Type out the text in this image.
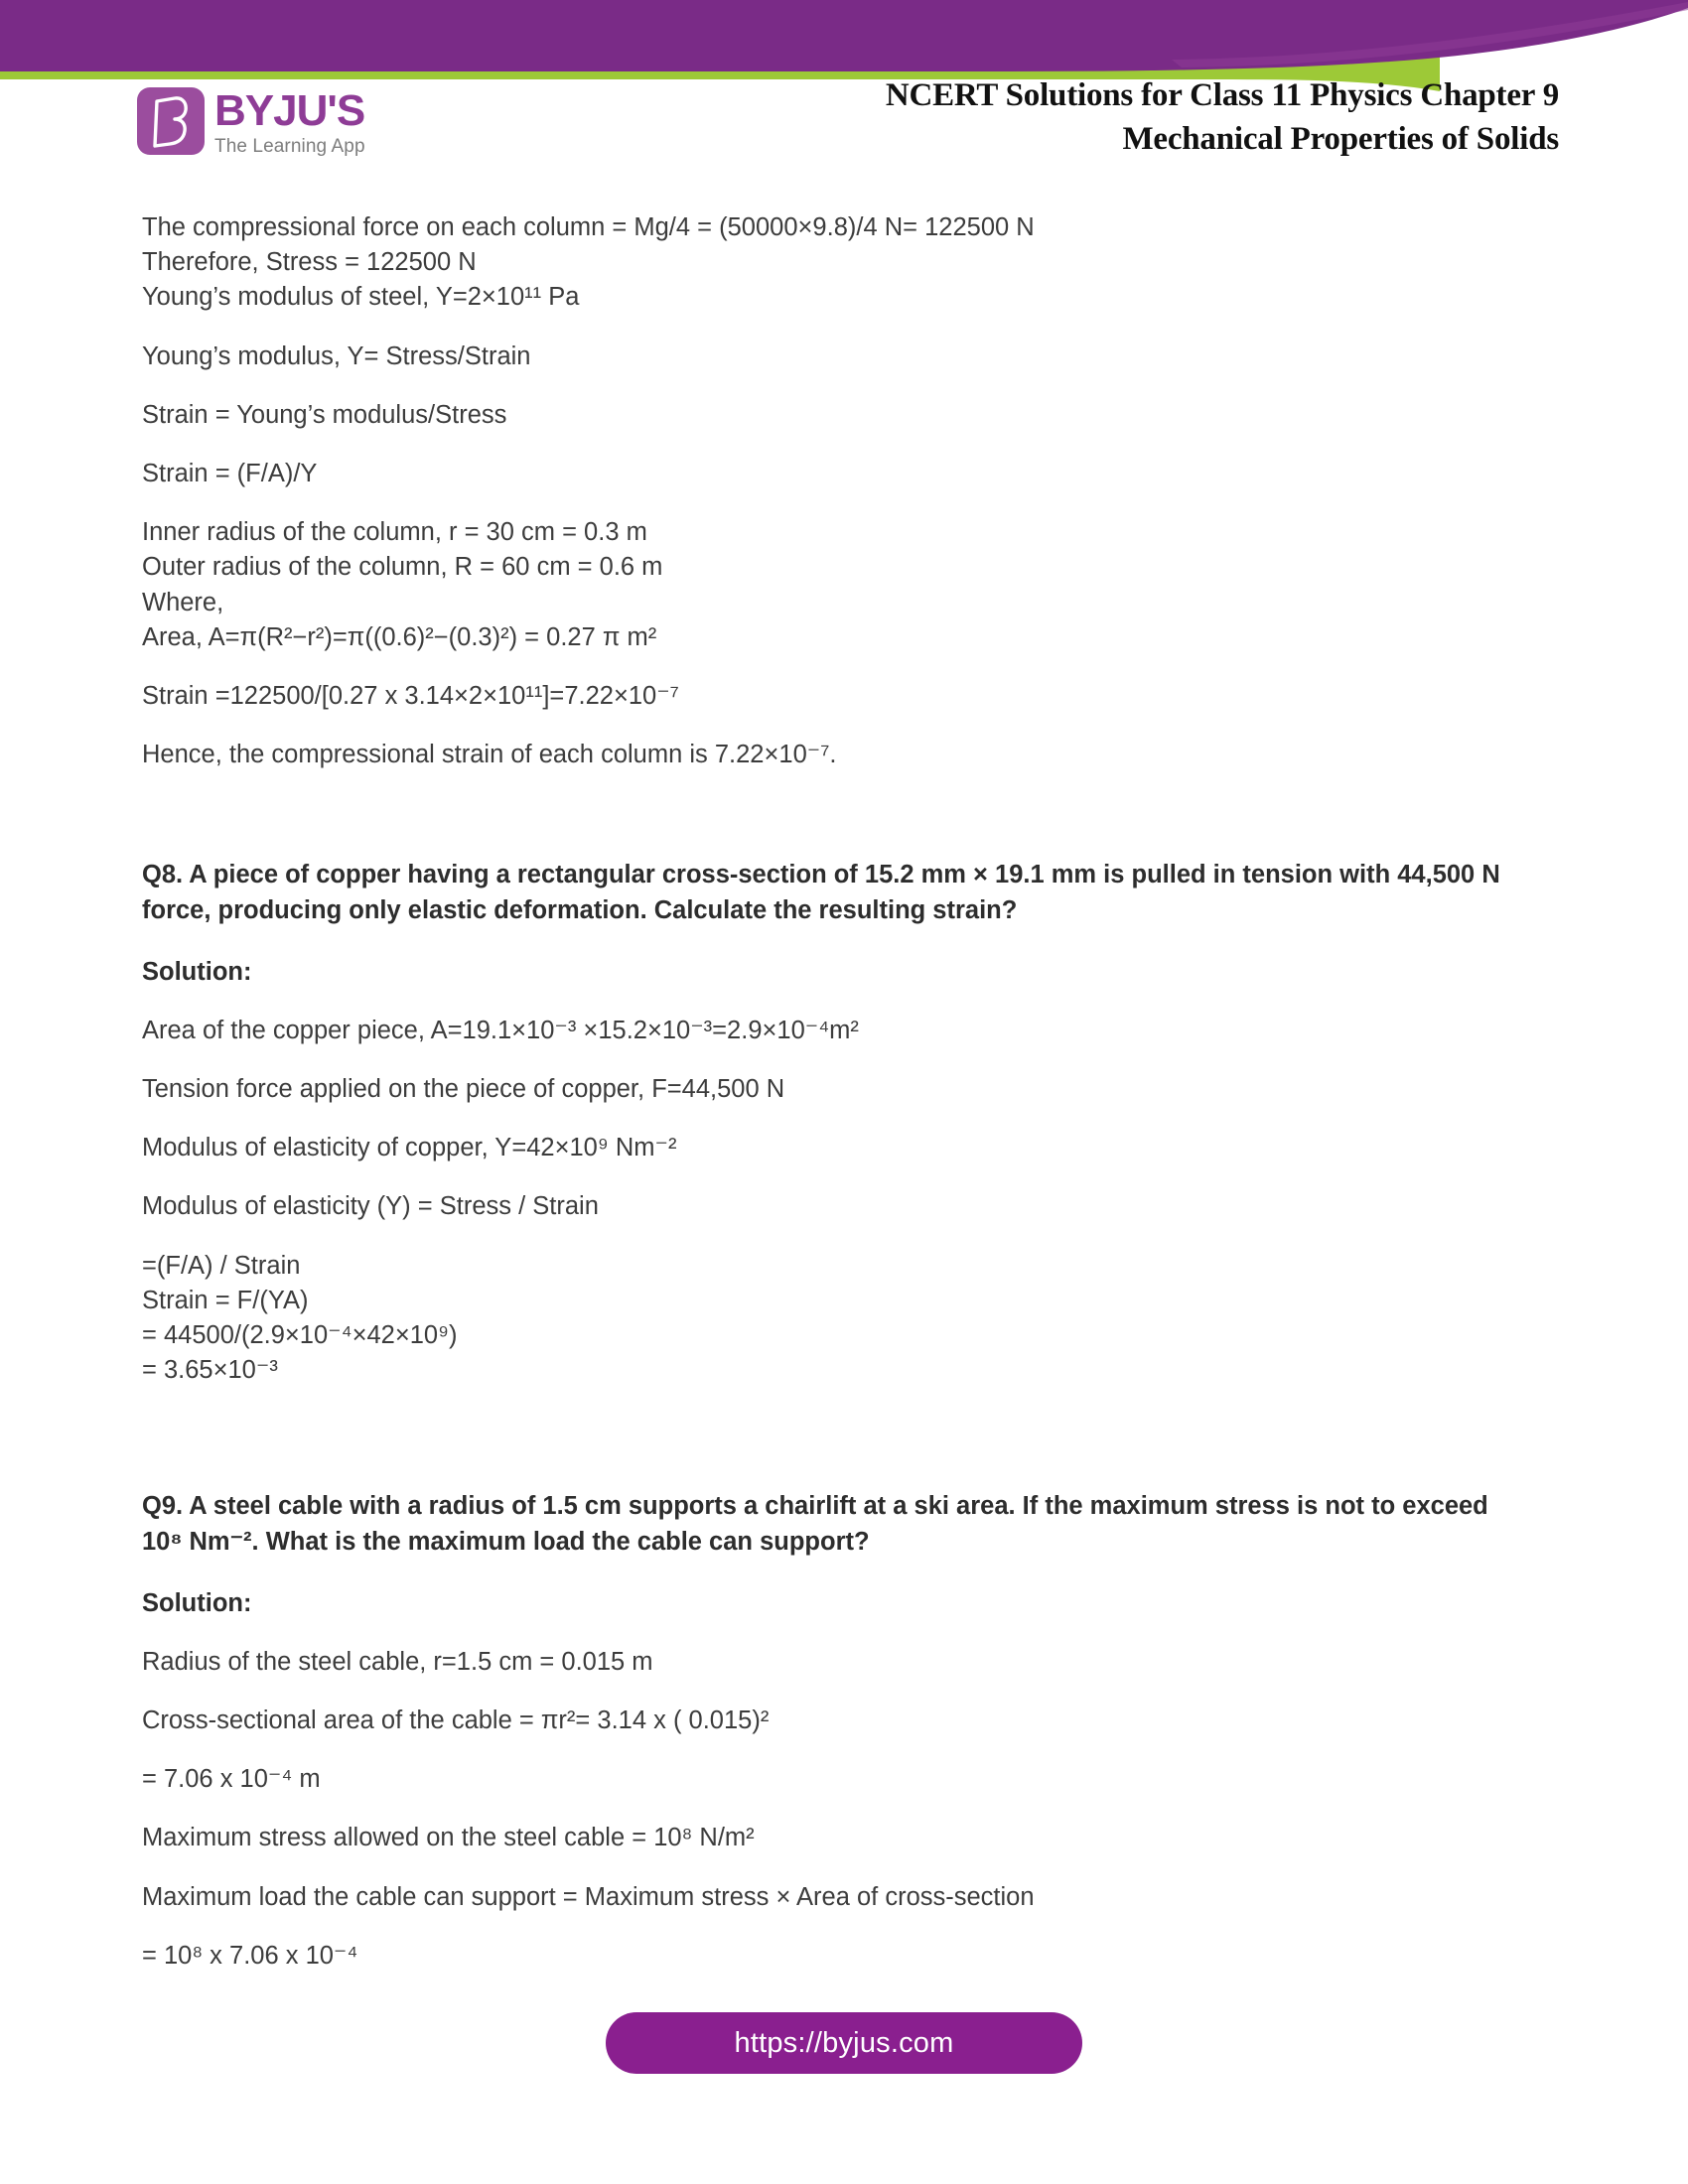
BYJU'S
The Learning App
NCERT Solutions for Class 11 Physics Chapter 9
Mechanical Properties of Solids
The compressional force on each column = Mg/4 = (50000×9.8)/4 N= 122500 N
Therefore, Stress = 122500 N
Young’s modulus of steel, Y=2×10¹¹ Pa

Young’s modulus, Y= Stress/Strain

Strain = Young’s modulus/Stress

Strain = (F/A)/Y

Inner radius of the column, r = 30 cm = 0.3 m
Outer radius of the column, R = 60 cm = 0.6 m
Where,
Area, A=π(R²−r²)=π((0.6)²−(0.3)²) = 0.27 π m²

Strain =122500/[0.27 x 3.14×2×10¹¹]=7.22×10⁻⁷

Hence, the compressional strain of each column is 7.22×10⁻⁷.

Q8. A piece of copper having a rectangular cross-section of 15.2 mm × 19.1 mm is pulled in tension with 44,500 N force, producing only elastic deformation. Calculate the resulting strain?

Solution:

Area of the copper piece, A=19.1×10⁻³ ×15.2×10⁻³=2.9×10⁻⁴m²

Tension force applied on the piece of copper, F=44,500 N

Modulus of elasticity of copper, Y=42×10⁹ Nm⁻²

Modulus of elasticity (Y) = Stress / Strain

=(F/A) / Strain
Strain = F/(YA)
= 44500/(2.9×10⁻⁴×42×10⁹)
= 3.65×10⁻³

Q9. A steel cable with a radius of 1.5 cm supports a chairlift at a ski area. If the maximum stress is not to exceed 10⁸ Nm⁻². What is the maximum load the cable can support?

Solution:

Radius of the steel cable, r=1.5 cm = 0.015 m

Cross-sectional area of the cable = πr²= 3.14 x ( 0.015)²

= 7.06 x 10⁻⁴ m

Maximum stress allowed on the steel cable = 10⁸ N/m²

Maximum load the cable can support = Maximum stress × Area of cross-section

= 10⁸ x 7.06 x 10⁻⁴

https://byjus.com
